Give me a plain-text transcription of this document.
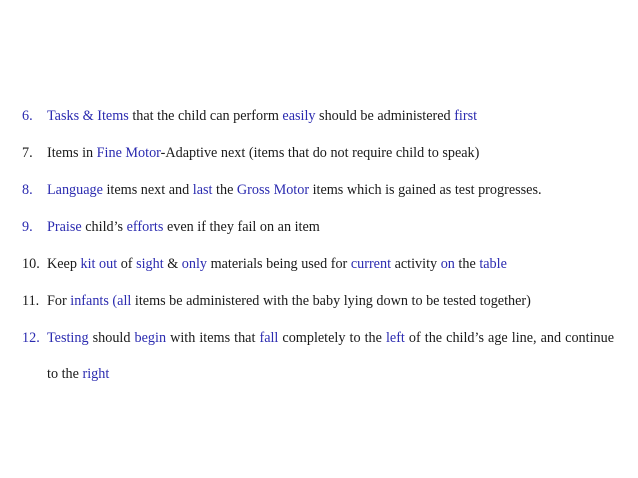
6.	Tasks & Items that the child can perform easily should be administered first
7.	Items in Fine Motor-Adaptive next (items that do not require child to speak)
8.	Language items next and last the Gross Motor items which is gained as test progresses.
9.	Praise child’s efforts even if they fail on an item
10. Keep kit out of sight & only materials being used for current activity on the table
11. For infants (all items be administered with the baby lying down to be tested together)
12. Testing should begin with items that fall completely to the left of the child’s age line, and continue to the right
